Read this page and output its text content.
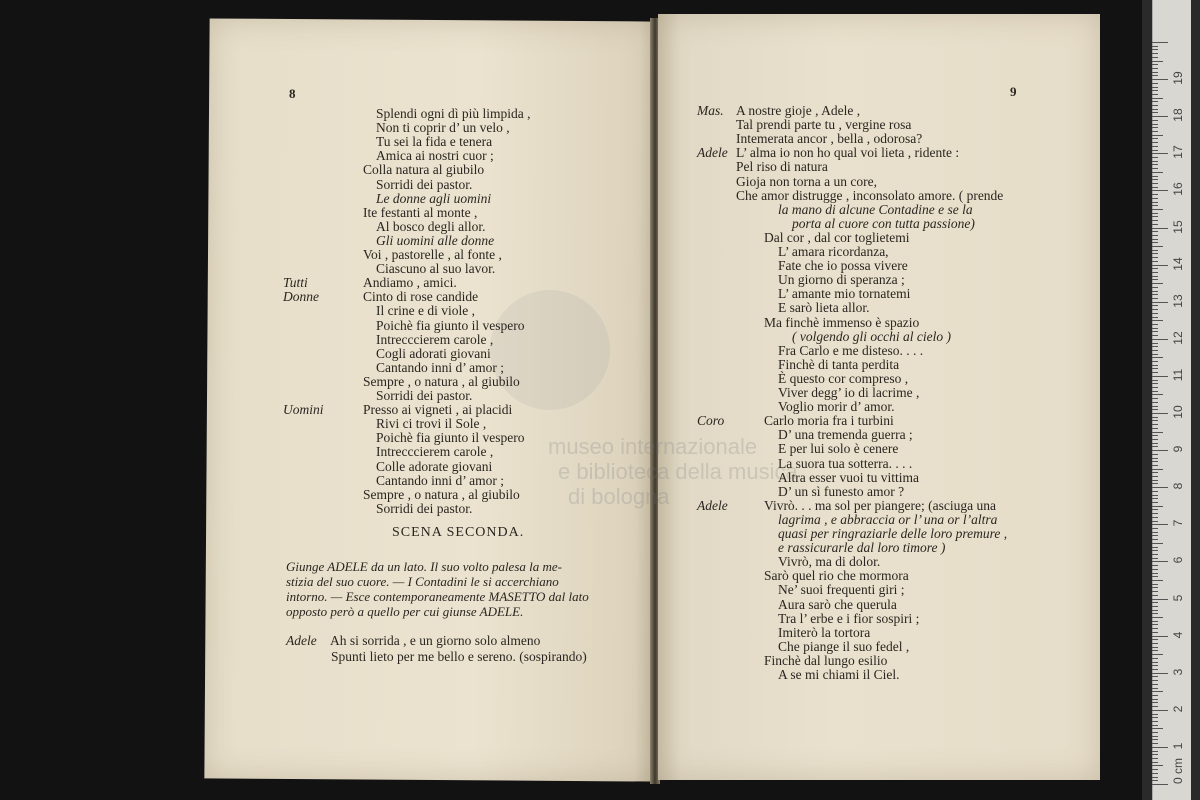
museo internazionale
e biblioteca della musica
di bologna
8	9
Splendi ogni dì più limpida ,
Non ti coprir d’ un velo ,
Tu sei la fida e tenera
Amica ai nostri cuor ;
Colla natura al giubilo
Sorridi dei pastor.
Le donne agli uomini
Ite festanti al monte ,
Al bosco degli allor.
Gli uomini alle donne
Voi , pastorelle , al fonte ,
Ciascuno al suo lavor.
Tutti	Andiamo , amici.
Donne	Cinto di rose candide
Il crine e di viole ,
Poichè fia giunto il vespero
Intrecccierem carole ,
Cogli adorati giovani
Cantando inni d’ amor ;
Sempre , o natura , al giubilo
Sorridi dei pastor.
Uomini	Presso ai vigneti , ai placidi
Rivi ci trovi il Sole ,
Poichè fia giunto il vespero
Intrecccierem carole ,
Colle adorate giovani
Cantando inni d’ amor ;
Sempre , o natura , al giubilo
Sorridi dei pastor.
SCENA SECONDA.
Giunge ADELE da un lato. Il suo volto palesa la me-
stizia del suo cuore. — I Contadini le si accerchiano
intorno. — Esce contemporaneamente MASETTO dal lato
opposto però a quello per cui giunse ADELE.
Adele Ah si sorrida , e un giorno solo almeno
Spunti lieto per me bello e sereno. (sospirando)
Mas. A nostre gioje , Adele ,
Tal prendi parte tu , vergine rosa
Intemerata ancor , bella , odorosa?
Adele L’ alma io non ho qual voi lieta , ridente :
Pel riso di natura
Gioja non torna a un core,
Che amor distrugge , inconsolato amore. ( prende
la mano di alcune Contadine e se la
porta al cuore con tutta passione)
Dal cor , dal cor toglietemi
L’ amara ricordanza,
Fate che io possa vivere
Un giorno di speranza ;
L’ amante mio tornatemi
E sarò lieta allor.
Ma finchè immenso è spazio
( volgendo gli occhi al cielo )
Fra Carlo e me disteso. . . .
Finchè di tanta perdita
È questo cor compreso ,
Viver degg’ io di lacrime ,
Voglio morir d’ amor.
Coro	Carlo moria fra i turbini
D’ una tremenda guerra ;
E per lui solo è cenere
La suora tua sotterra. . . .
Altra esser vuoi tu vittima
D’ un sì funesto amor ?
Adele	Vivrò. . . ma sol per piangere; (asciuga una
lagrima , e abbraccia or l’ una or l’altra
quasi per ringraziarle delle loro premure ,
e rassicurarle dal loro timore )
Vivrò, ma di dolor.
Sarò quel rio che mormora
Ne’ suoi frequenti giri ;
Aura sarò che querula
Tra l’ erbe e i fior sospiri ;
Imiterò la tortora
Che piange il suo fedel ,
Finchè dal lungo esilio
A se mi chiami il Ciel.
0 cm
1
2
3
4
5
6
7
8
9
10
11
12
13
14
15
16
17
18
19
